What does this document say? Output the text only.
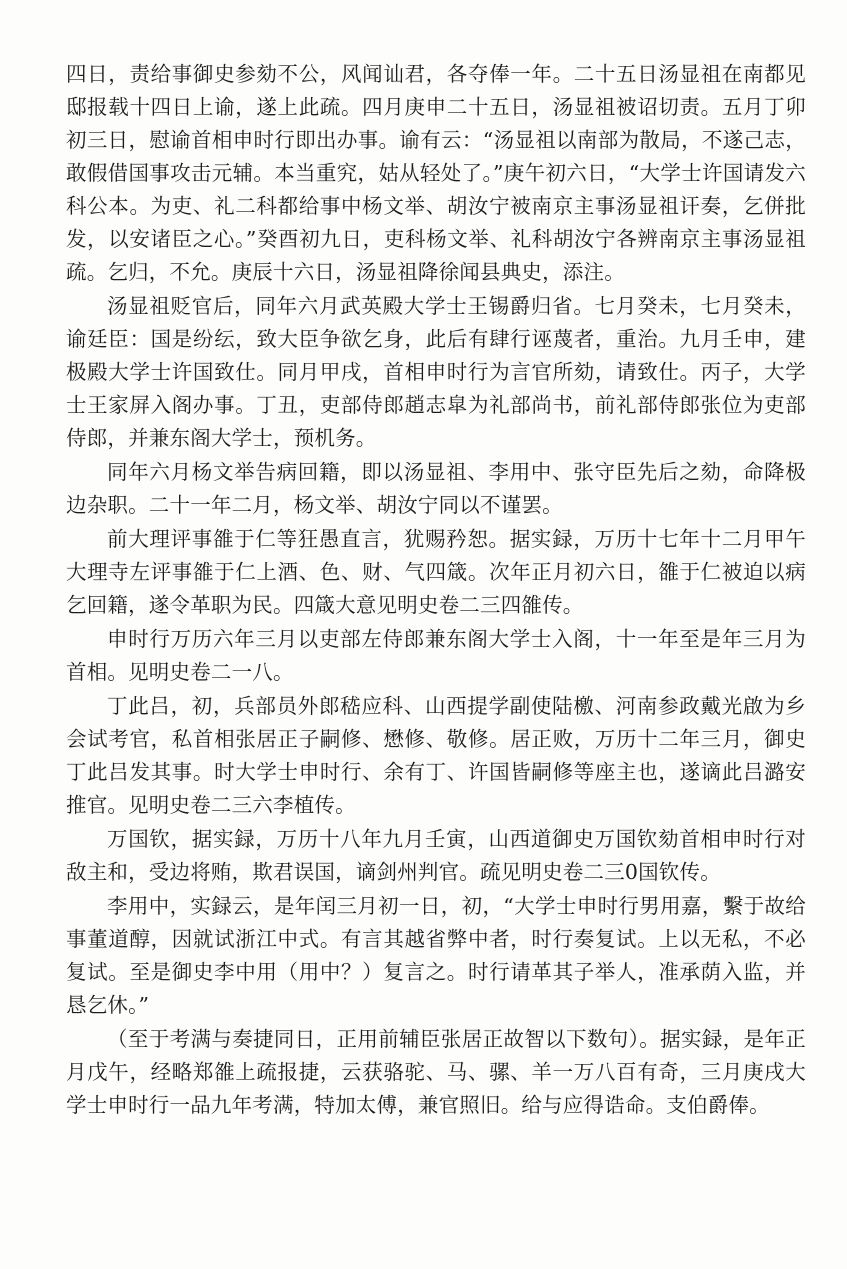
四日，责给事御史参劾不公，风闻讪君，各夺俸一年。二十五日汤显祖在南都见邸报载十四日上谕，遂上此疏。四月庚申二十五日，汤显祖被诏切责。五月丁卯初三日，慰谕首相申时行即出办事。谕有云：“汤显祖以南部为散局，不遂己志，敢假借国事攻击元辅。本当重究，姑从轻处了。”庚午初六日，“大学士许国请发六科公本。为吏、礼二科都给事中杨文举、胡汝宁被南京主事汤显祖讦奏，乞併批发，以安诸臣之心。”癸酉初九日，吏科杨文举、礼科胡汝宁各辨南京主事汤显祖疏。乞归，不允。庚辰十六日，汤显祖降徐闻县典史，添注。

汤显祖贬官后，同年六月武英殿大学士王锡爵归省。七月癸未，七月癸未，谕廷臣：国是纷纭，致大臣争欲乞身，此后有肆行诬蔑者，重治。九月壬申，建极殿大学士许国致仕。同月甲戌，首相申时行为言官所劾，请致仕。丙子，大学士王家屏入阁办事。丁丑，吏部侍郎趙志皐为礼部尚书，前礼部侍郎张位为吏部侍郎，并兼东阁大学士，预机务。

同年六月杨文举告病回籍，即以汤显祖、李用中、张守臣先后之劾，命降极边杂职。二十一年二月，杨文举、胡汝宁同以不谨罢。

前大理评事雒于仁等狂愚直言，犹赐矜恕。据实録，万历十七年十二月甲午大理寺左评事雒于仁上酒、色、财、气四箴。次年正月初六日，雒于仁被迫以病乞回籍，遂令革职为民。四箴大意见明史卷二三四雒传。

申时行万历六年三月以吏部左侍郎兼东阁大学士入阁，十一年至是年三月为首相。见明史卷二一八。

丁此吕，初，兵部员外郎嵇应科、山西提学副使陆檄、河南参政戴光啟为乡会试考官，私首相张居正子嗣修、懋修、敬修。居正败，万历十二年三月，御史丁此吕发其事。时大学士申时行、余有丁、许国皆嗣修等座主也，遂谪此吕潞安推官。见明史卷二三六李植传。

万国钦，据实録，万历十八年九月壬寅，山西道御史万国钦劾首相申时行对敌主和，受边将贿，欺君误国，谪剑州判官。疏见明史卷二三0国钦传。

李用中，实録云，是年闰三月初一日，初，“大学士申时行男用嘉，繫于故给事董道醇，因就试浙江中式。有言其越省弊中者，时行奏复试。上以无私，不必复试。至是御史李中用（用中？）复言之。时行请革其子举人，准承荫入监，并恳乞休。”

（至于考满与奏捷同日，正用前辅臣张居正故智以下数句）。据实録，是年正月戊午，经略郑雒上疏报捷，云获骆驼、马、骡、羊一万八百有奇，三月庚戌大学士申时行一品九年考满，特加太傅，兼官照旧。给与应得诰命。支伯爵俸。
